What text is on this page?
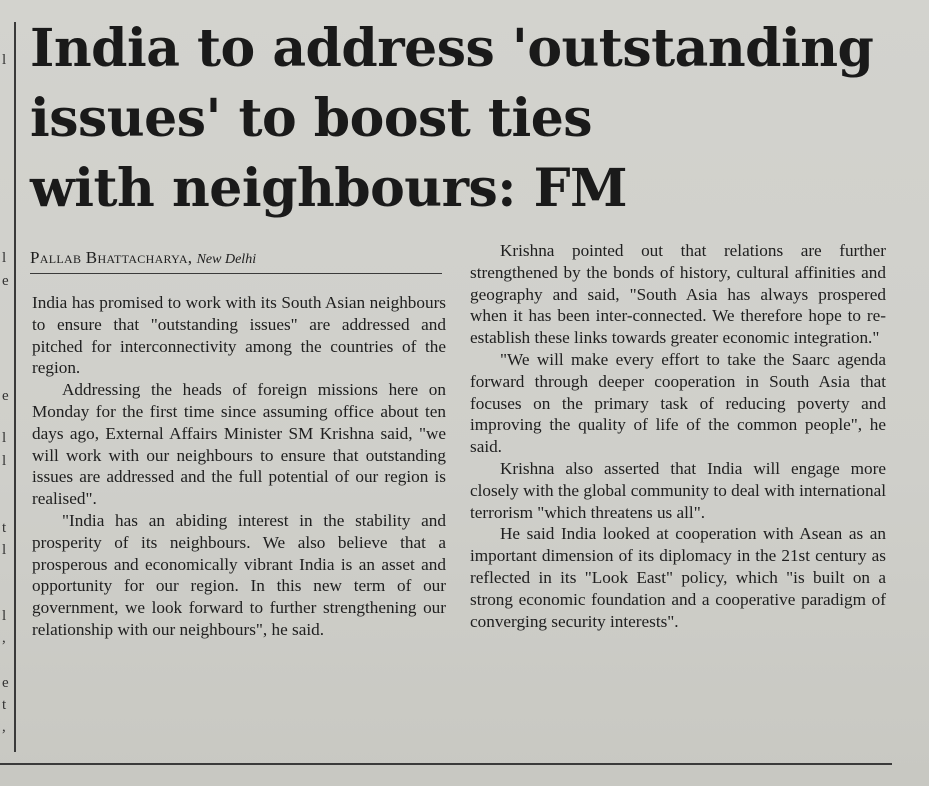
l
l
e
e
l
l
t
l
l
,
e
t
,
India to address 'outstanding
issues' to boost ties
with neighbours: FM
Pallab Bhattacharya, New Delhi

India has promised to work with its South Asian neighbours to ensure that "outstanding issues" are addressed and pitched for interconnectivity among the countries of the region.

Addressing the heads of foreign missions here on Monday for the first time since assuming office about ten days ago, External Affairs Minister SM Krishna said, "we will work with our neighbours to ensure that outstanding issues are addressed and the full potential of our region is realised".

"India has an abiding interest in the stability and prosperity of its neighbours. We also believe that a prosperous and economically vibrant India is an asset and opportunity for our region. In this new term of our government, we look forward to further strengthening our relationship with our neighbours", he said.

Krishna pointed out that relations are further strengthened by the bonds of history, cultural affinities and geography and said, "South Asia has always prospered when it has been inter-connected. We therefore hope to reestablish these links towards greater economic integration."

"We will make every effort to take the Saarc agenda forward through deeper cooperation in South Asia that focuses on the primary task of reducing poverty and improving the quality of life of the common people", he said.

Krishna also asserted that India will engage more closely with the global community to deal with international terrorism "which threatens us all".

He said India looked at cooperation with Asean as an important dimension of its diplomacy in the 21st century as reflected in its "Look East" policy, which "is built on a strong economic foundation and a cooperative paradigm of converging security interests".
